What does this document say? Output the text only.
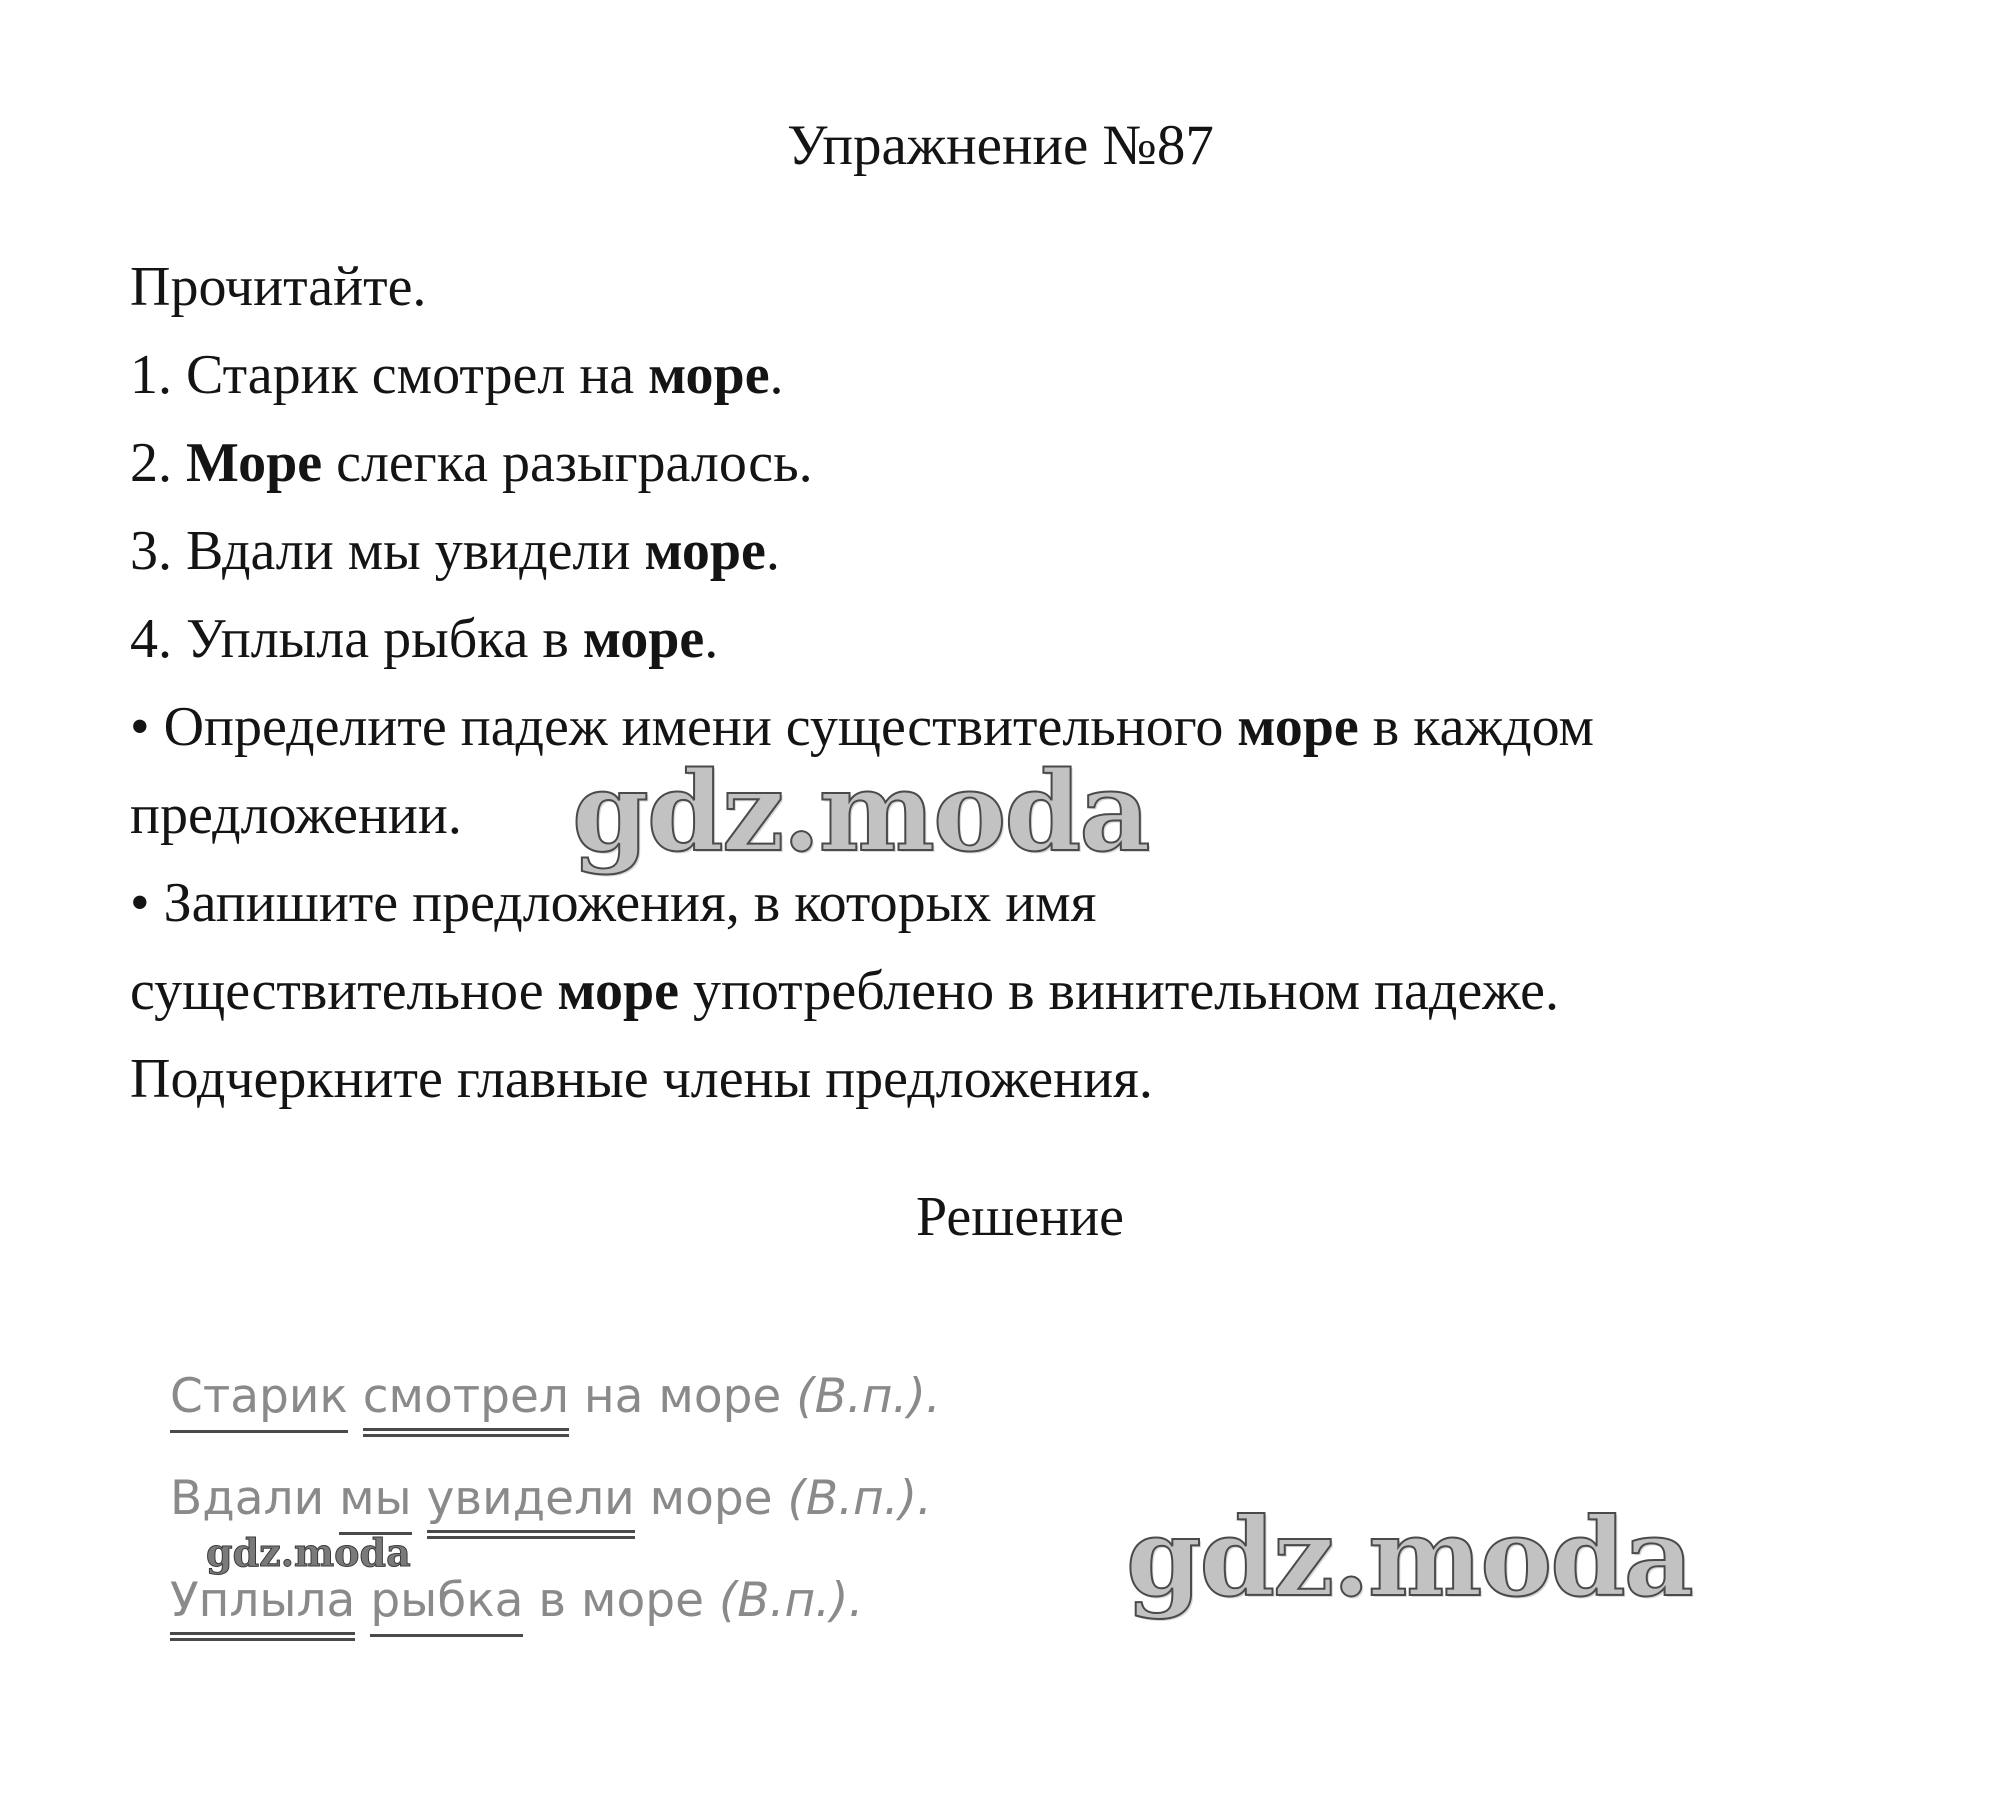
Упражнение №87
Прочитайте.
1. Старик смотрел на море.
2. Море слегка разыгралось.
3. Вдали мы увидели море.
4. Уплыла рыбка в море.
• Определите падеж имени существительного море в каждом
предложении.
• Запишите предложения, в которых имя
существительное море употреблено в винительном падеже.
Подчеркните главные члены предложения.
Решение
Старик смотрел на море (В.п.).
Вдали мы увидели море (В.п.).
Уплыла рыбка в море (В.п.).
gdz.moda
gdz.moda
gdz.moda
